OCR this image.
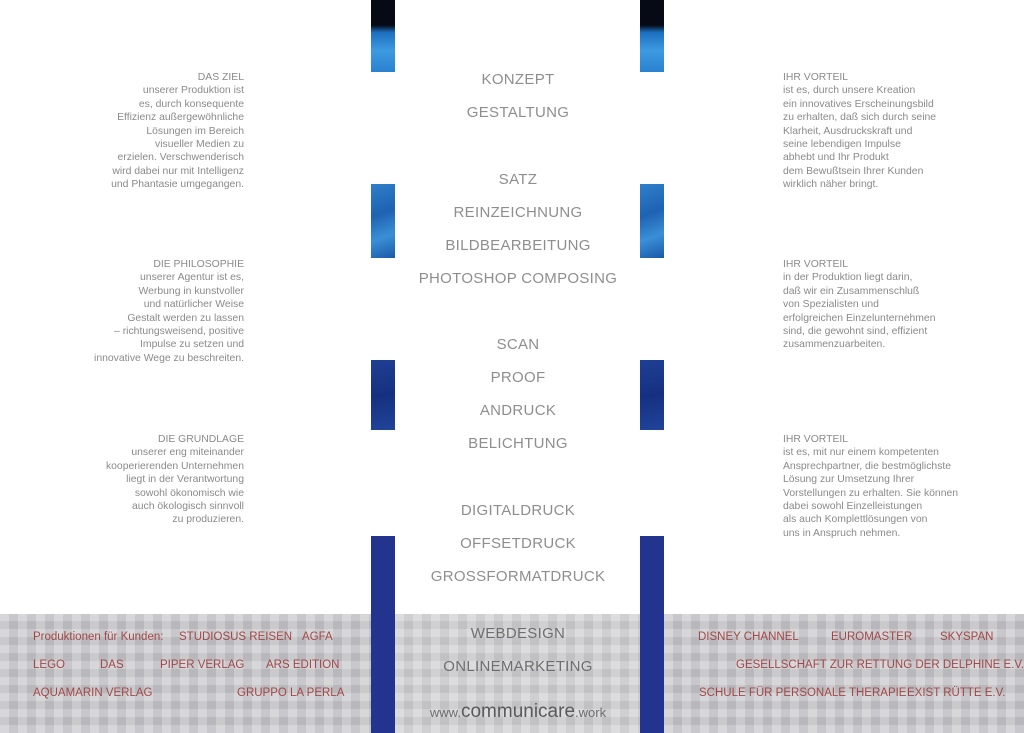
DAS ZIEL
unserer Produktion ist
es, durch konsequente
Effizienz außergewöhnliche
Lösungen im Bereich
visueller Medien zu
erzielen. Verschwenderisch
wird dabei nur mit Intelligenz
und Phantasie umgegangen.
DIE PHILOSOPHIE
unserer Agentur ist es,
Werbung in kunstvoller
und natürlicher Weise
Gestalt werden zu lassen
– richtungsweisend, positive
Impulse zu setzen und
innovative Wege zu beschreiten.
DIE GRUNDLAGE
unserer eng miteinander
kooperierenden Unternehmen
liegt in der Verantwortung
sowohl ökonomisch wie
auch ökologisch sinnvoll
zu produzieren.
IHR VORTEIL
ist es, durch unsere Kreation
ein innovatives Erscheinungsbild
zu erhalten, daß sich durch seine
Klarheit, Ausdruckskraft und
seine lebendigen Impulse
abhebt und Ihr Produkt
dem Bewußtsein Ihrer Kunden
wirklich näher bringt.
IHR VORTEIL
in der Produktion liegt darin,
daß wir ein Zusammenschluß
von Spezialisten und
erfolgreichen Einzelunternehmen
sind, die gewohnt sind, effizient
zusammenzuarbeiten.
IHR VORTEIL
ist es, mit nur einem kompetenten
Ansprechpartner, die bestmöglichste
Lösung zur Umsetzung Ihrer
Vorstellungen zu erhalten. Sie können
dabei sowohl Einzelleistungen
als auch Komplettlösungen von
uns in Anspruch nehmen.
KONZEPT
GESTALTUNG
SATZ
REINZEICHNUNG
BILDBEARBEITUNG
PHOTOSHOP COMPOSING
SCAN
PROOF
ANDRUCK
BELICHTUNG
DIGITALDRUCK
OFFSETDRUCK
GROSSFORMATDRUCK
WEBDESIGN
ONLINEMARKETING
www.communicare.work
Produktionen für Kunden: STUDIOSUS REISEN AGFA
LEGO	DAS	PIPER VERLAG ARS EDITION
AQUAMARIN VERLAG	GRUPPO LA PERLA
DISNEY CHANNEL	EUROMASTER SKYSPAN
GESELLSCHAFT ZUR RETTUNG DER DELPHINE E.V.
SCHULE FÜR PERSONALE THERAPIE EXIST RÜTTE E.V.
